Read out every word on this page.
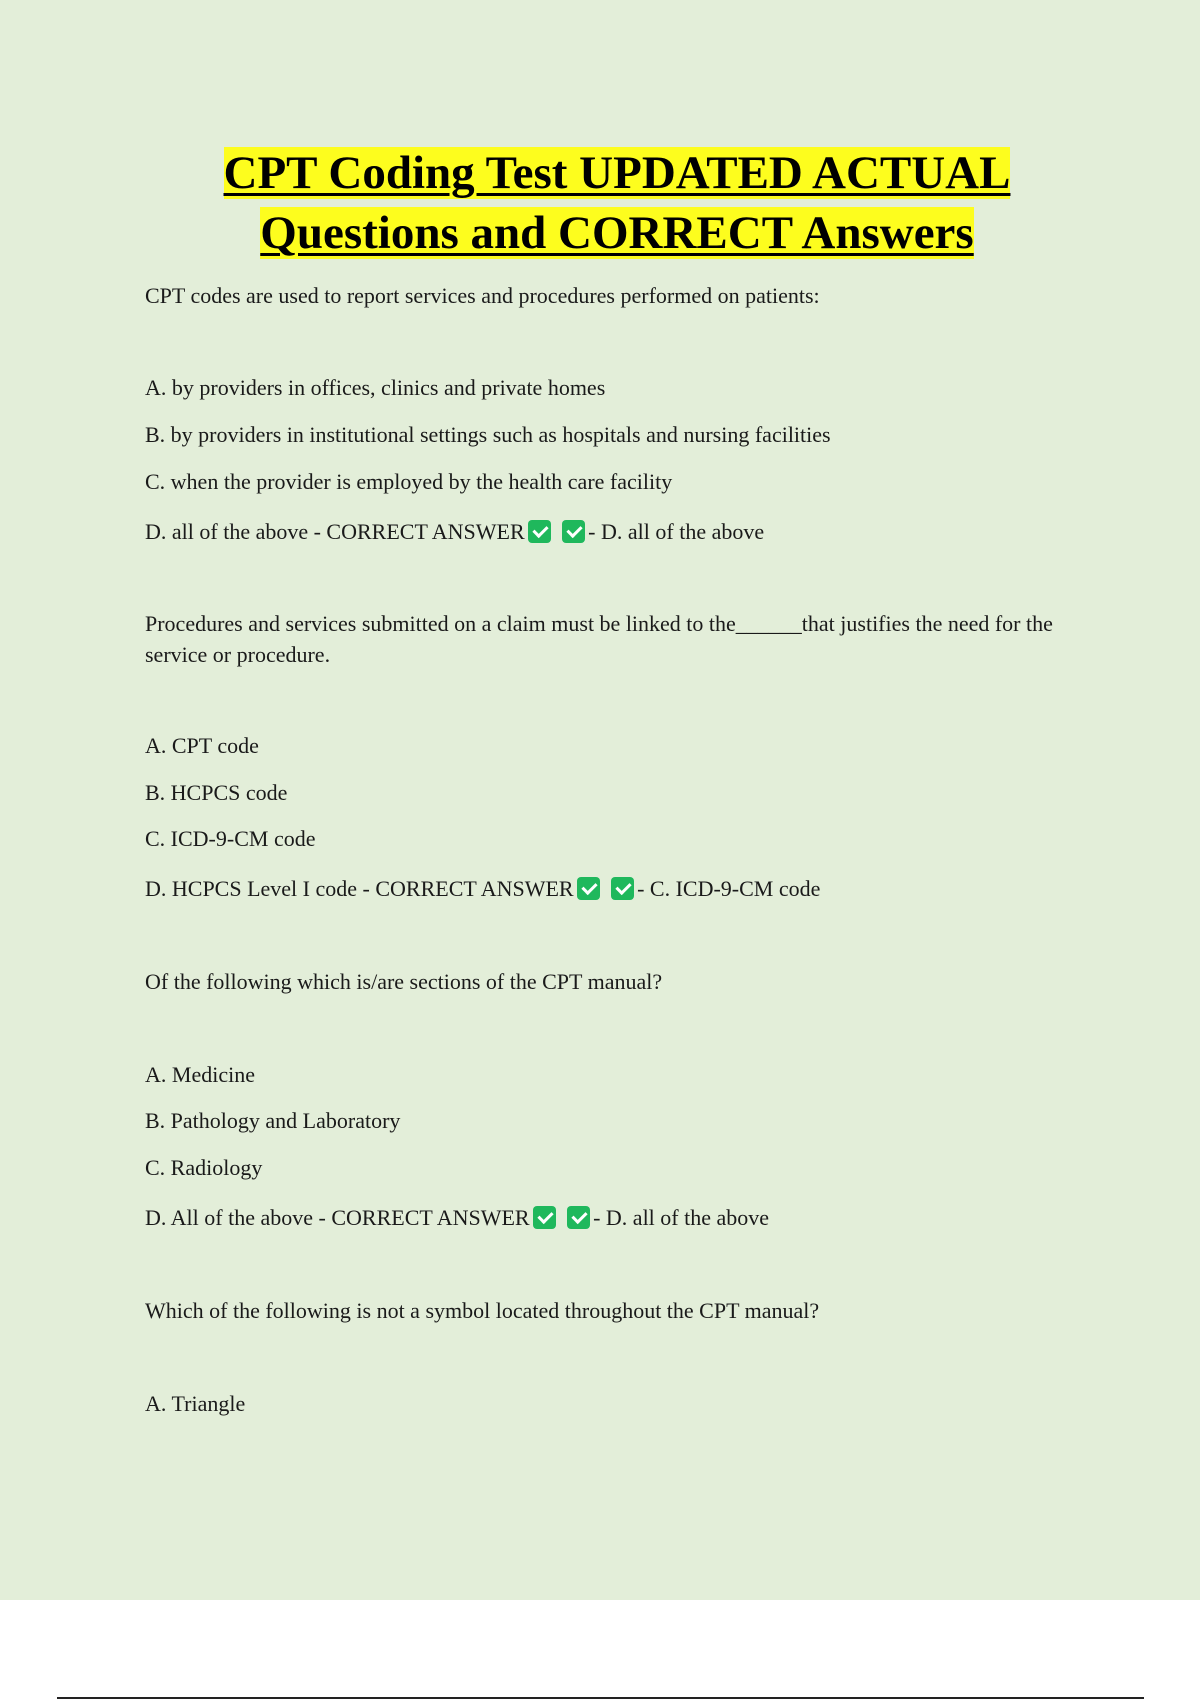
CPT Coding Test UPDATED ACTUAL
Questions and CORRECT Answers
CPT codes are used to report services and procedures performed on patients:
A. by providers in offices, clinics and private homes
B. by providers in institutional settings such as hospitals and nursing facilities
C. when the provider is employed by the health care facility
D. all of the above - CORRECT ANSWER	- D. all of the above
Procedures and services submitted on a claim must be linked to the______that justifies the need for the service or procedure.
A. CPT code
B. HCPCS code
C. ICD-9-CM code
D. HCPCS Level I code - CORRECT ANSWER	- C. ICD-9-CM code
Of the following which is/are sections of the CPT manual?
A. Medicine
B. Pathology and Laboratory
C. Radiology
D. All of the above - CORRECT ANSWER	- D. all of the above
Which of the following is not a symbol located throughout the CPT manual?
A. Triangle
